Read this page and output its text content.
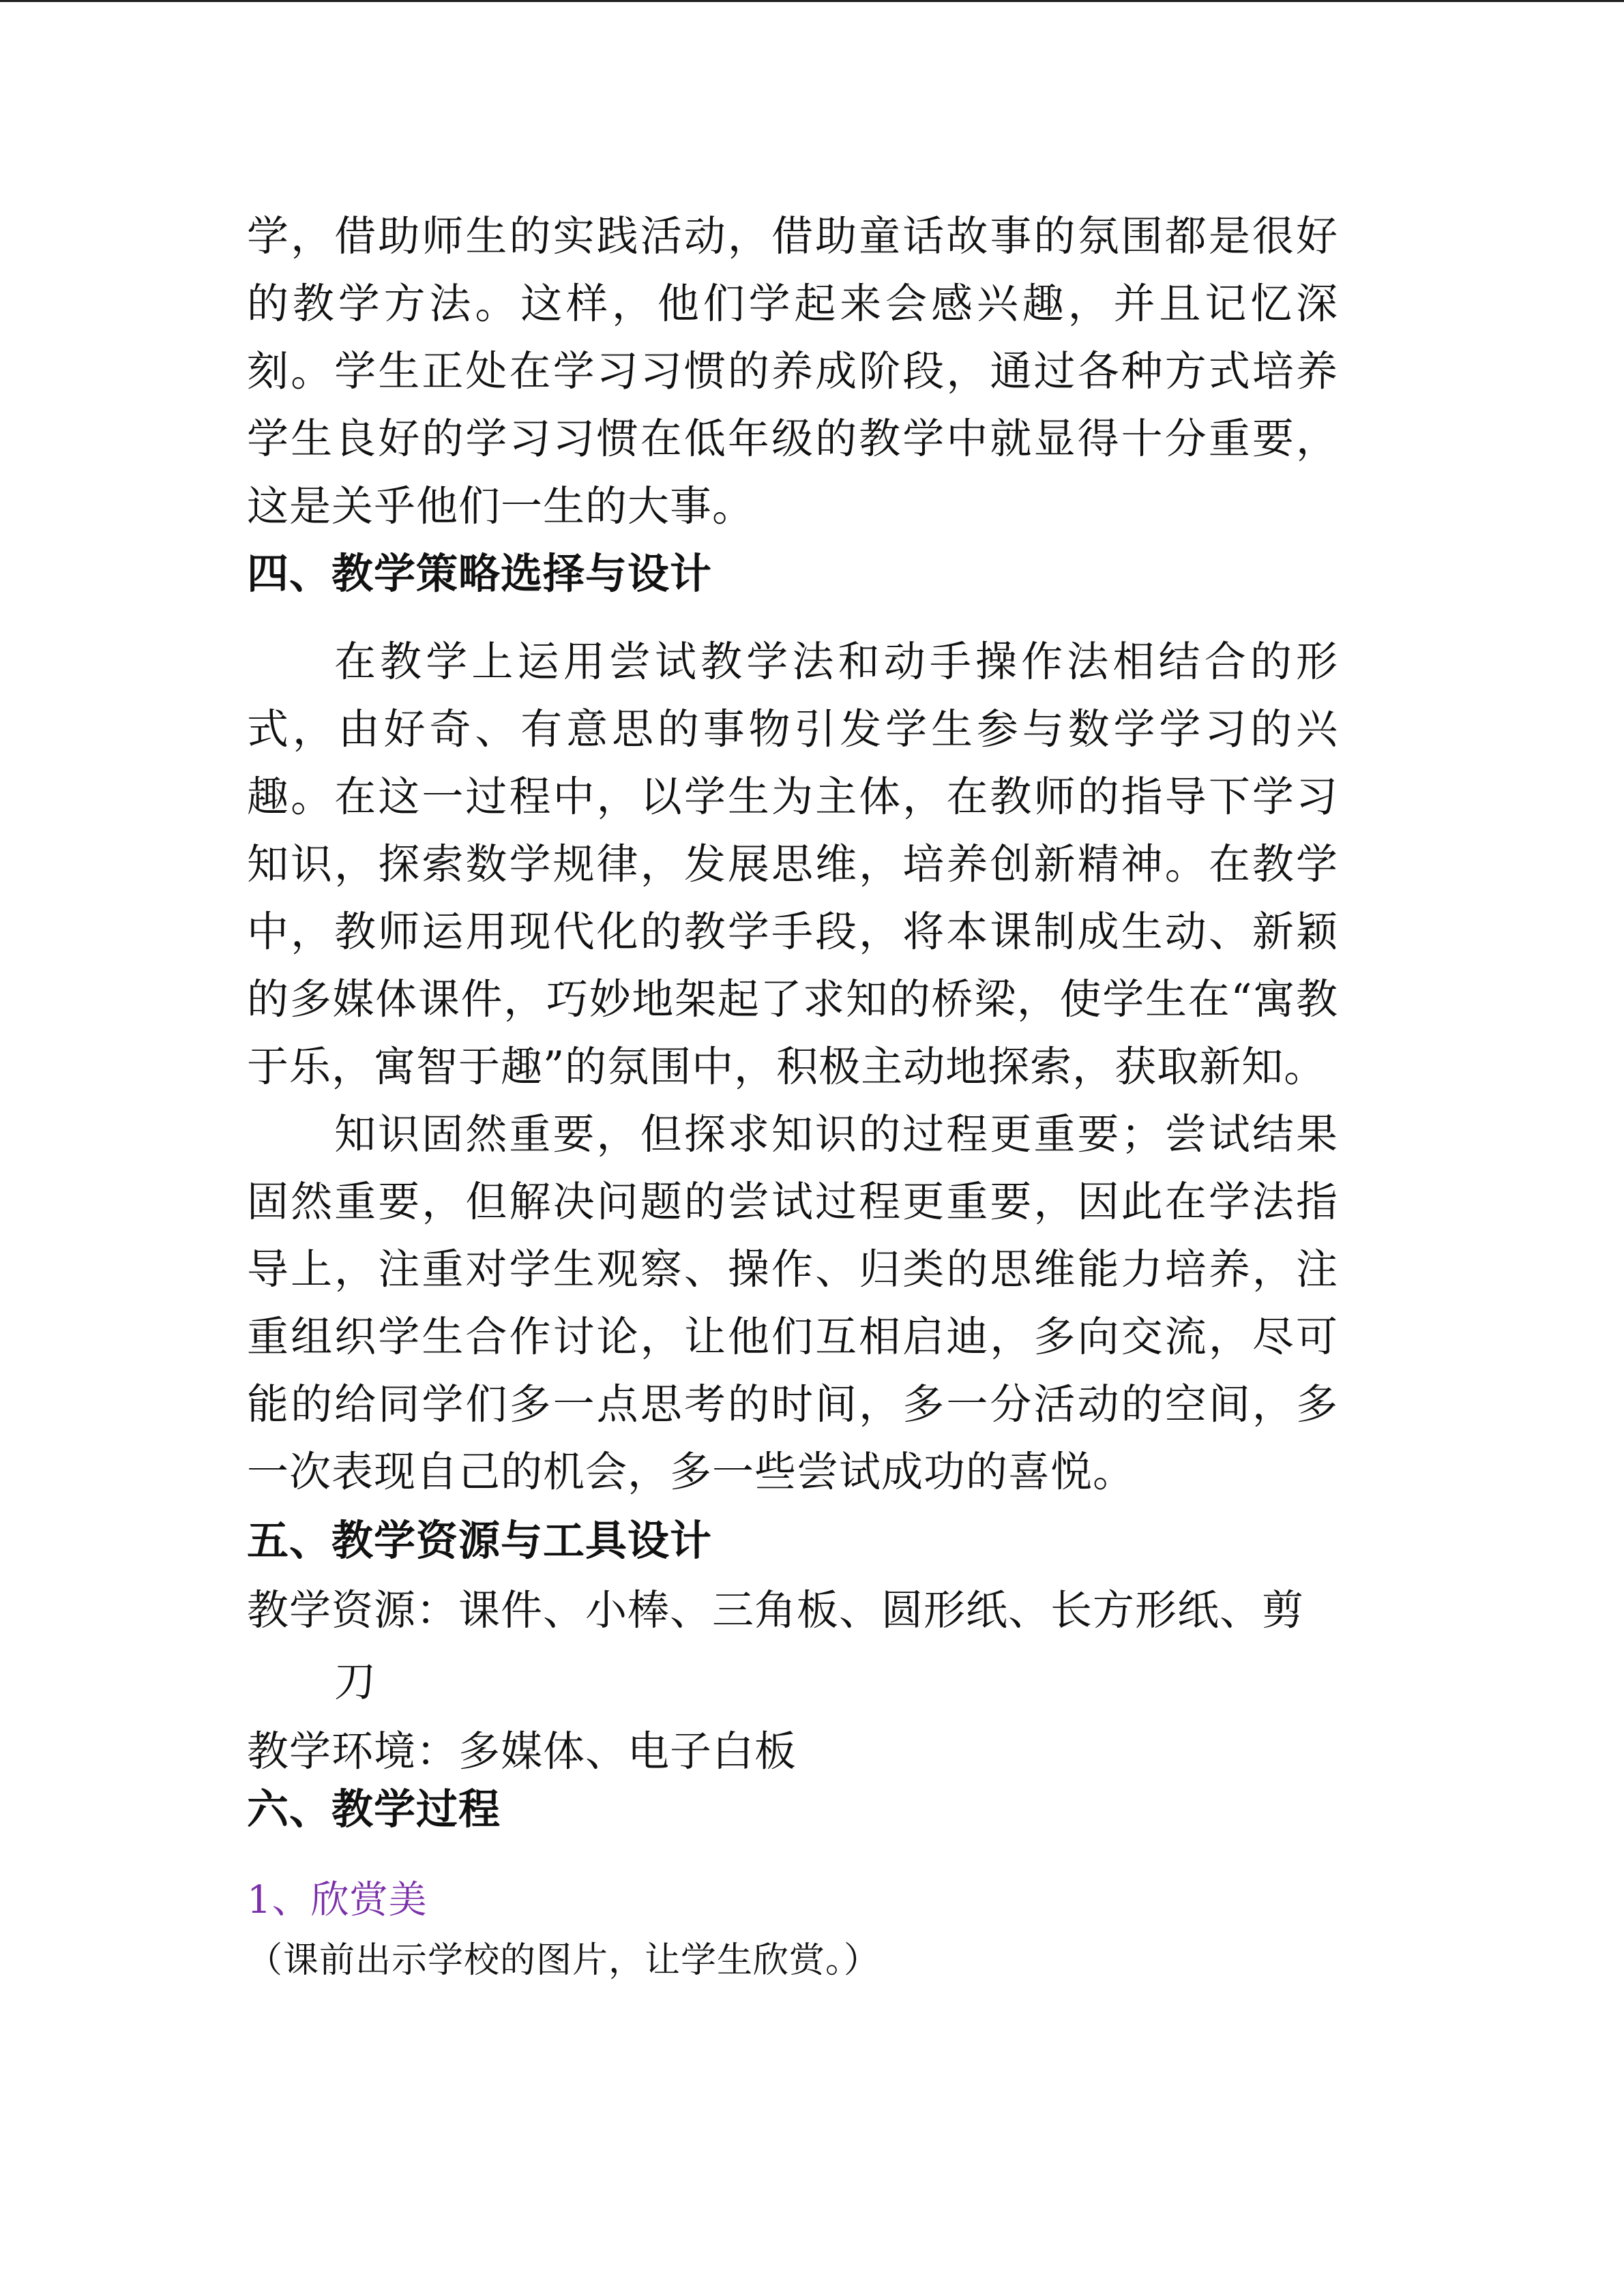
学，借助师生的实践活动，借助童话故事的氛围都是很好的教学方法。这样，他们学起来会感兴趣，并且记忆深刻。学生正处在学习习惯的养成阶段，通过各种方式培养学生良好的学习习惯在低年级的教学中就显得十分重要，这是关乎他们一生的大事。

四、教学策略选择与设计

在教学上运用尝试教学法和动手操作法相结合的形式，由好奇、有意思的事物引发学生参与数学学习的兴趣。在这一过程中，以学生为主体，在教师的指导下学习知识，探索数学规律，发展思维，培养创新精神。在教学中，教师运用现代化的教学手段，将本课制成生动、新颖的多媒体课件，巧妙地架起了求知的桥梁，使学生在“寓教于乐，寓智于趣”的氛围中，积极主动地探索，获取新知。

知识固然重要，但探求知识的过程更重要；尝试结果固然重要，但解决问题的尝试过程更重要，因此在学法指导上，注重对学生观察、操作、归类的思维能力培养，注重组织学生合作讨论，让他们互相启迪，多向交流，尽可能的给同学们多一点思考的时间，多一分活动的空间，多一次表现自己的机会，多一些尝试成功的喜悦。

五、教学资源与工具设计

教学资源：课件、小棒、三角板、圆形纸、长方形纸、剪刀

教学环境：多媒体、电子白板

六、教学过程

1、欣赏美

（课前出示学校的图片，让学生欣赏。）
